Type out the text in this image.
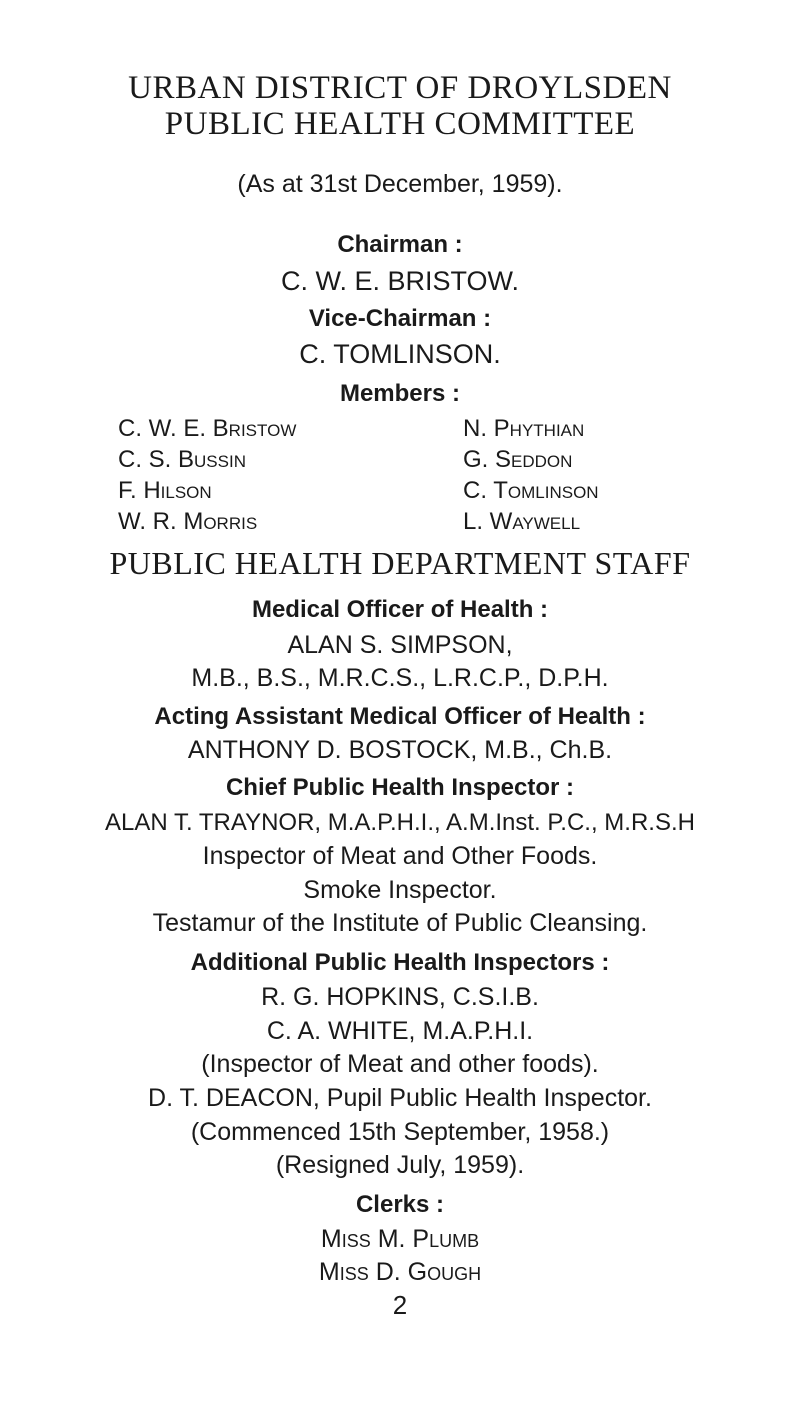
URBAN DISTRICT OF DROYLSDEN
PUBLIC HEALTH COMMITTEE
(As at 31st December, 1959).
Chairman :
C. W. E. BRISTOW.
Vice-Chairman :
C. TOMLINSON.
Members :
C. W. E. Bristow
C. S. Bussin
F. Hilson
W. R. Morris
N. Phythian
G. Seddon
C. Tomlinson
L. Waywell
PUBLIC HEALTH DEPARTMENT STAFF
Medical Officer of Health :
ALAN S. SIMPSON,
M.B., B.S., M.R.C.S., L.R.C.P., D.P.H.
Acting Assistant Medical Officer of Health :
ANTHONY D. BOSTOCK, M.B., Ch.B.
Chief Public Health Inspector :
ALAN T. TRAYNOR, M.A.P.H.I., A.M.Inst. P.C., M.R.S.H
Inspector of Meat and Other Foods.
Smoke Inspector.
Testamur of the Institute of Public Cleansing.
Additional Public Health Inspectors :
R. G. HOPKINS, C.S.I.B.
C. A. WHITE, M.A.P.H.I.
(Inspector of Meat and other foods).
D. T. DEACON, Pupil Public Health Inspector.
(Commenced 15th September, 1958.)
(Resigned July, 1959).
Clerks :
Miss M. Plumb
Miss D. Gough
2
